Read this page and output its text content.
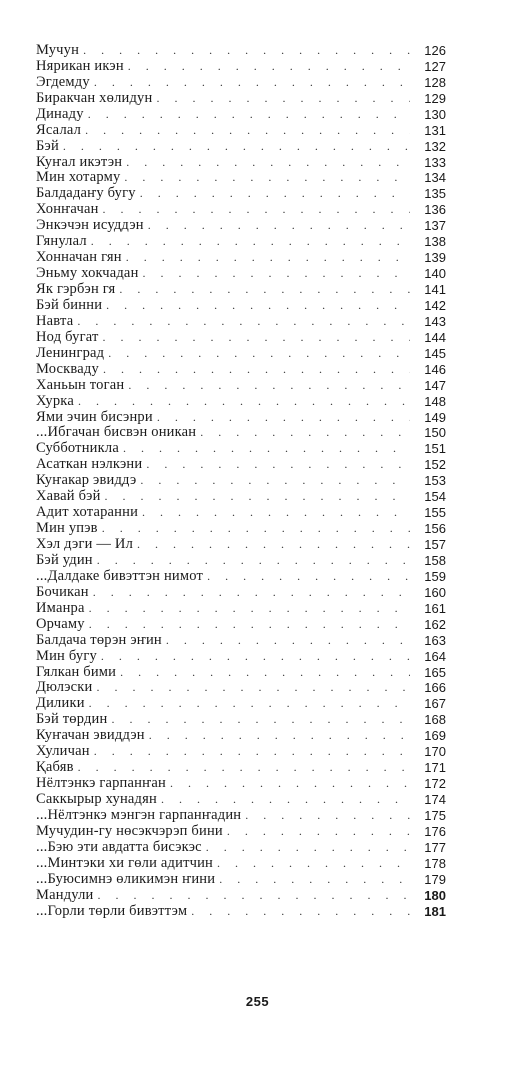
Мучун . . .	126
Нярикан икэн . . .	127
Эгдемду . . .	128
Биракчан хөлидун . . .	129
Динаду . . .	130
Ясалал . . .	131
Бэй . . .	132
Куҥал икэтэн . . .	133
Мин хотарму . . .	134
Балдадаҥу бугу . . .	135
Хонҥачан . . .	136
Энкэчэн исуддэн . . .	137
Гянулал . . .	138
Хонначан гян . . .	139
Эньму хокчадан . . .	140
Як гэрбэн гя . . .	141
Бэй бинни . . .	142
Навта . . .	143
Нод бугат . . .	144
Ленинград . . .	145
Москваду . . .	146
Ханьын тоган . . .	147
Хурка . . .	148
Ями эчин бисэнри . . .	149
...Ибгачан бисвэн оникан . . .	150
Субботникла . . .	151
Асаткан нэлкэни . . .	152
Куҥакар эвиддэ . . .	153
Хавай бэй . . .	154
Адит хотаранни . . .	155
Мин упэв . . .	156
Хэл дэги — Ил . . .	157
Бэй удин . . .	158
...Далдаке бивэттэн нимот . . .	159
Бочикан . . .	160
Иманра . . .	161
Орчаму . . .	162
Балдача төрэн эҥин . . .	163
Мин бугу . . .	164
Гялкан бими . . .	165
Дюлэски . . .	166
Дилики . . .	167
Бэй төрдин . . .	168
Куҥачан эвиддэн . . .	169
Хуличан . . .	170
Қабяв . . .	171
Нёлтэнкэ гарпанҥан . . .	172
Саккырыр хунадян . . .	174
...Нёлтэнкэ мэнгэн гарпанҥадин . . .	175
Мучудин-гу нөсэкчэрэп бини . . .	176
...Бэю эти авдатта бисэкэс . . .	177
...Минтэки хи гөли адитчин . . .	178
...Буюсимнэ өликимэн ҥини . . .	179
Мандули . . .	180
...Горли төрли бивэттэм . . .	181
255
